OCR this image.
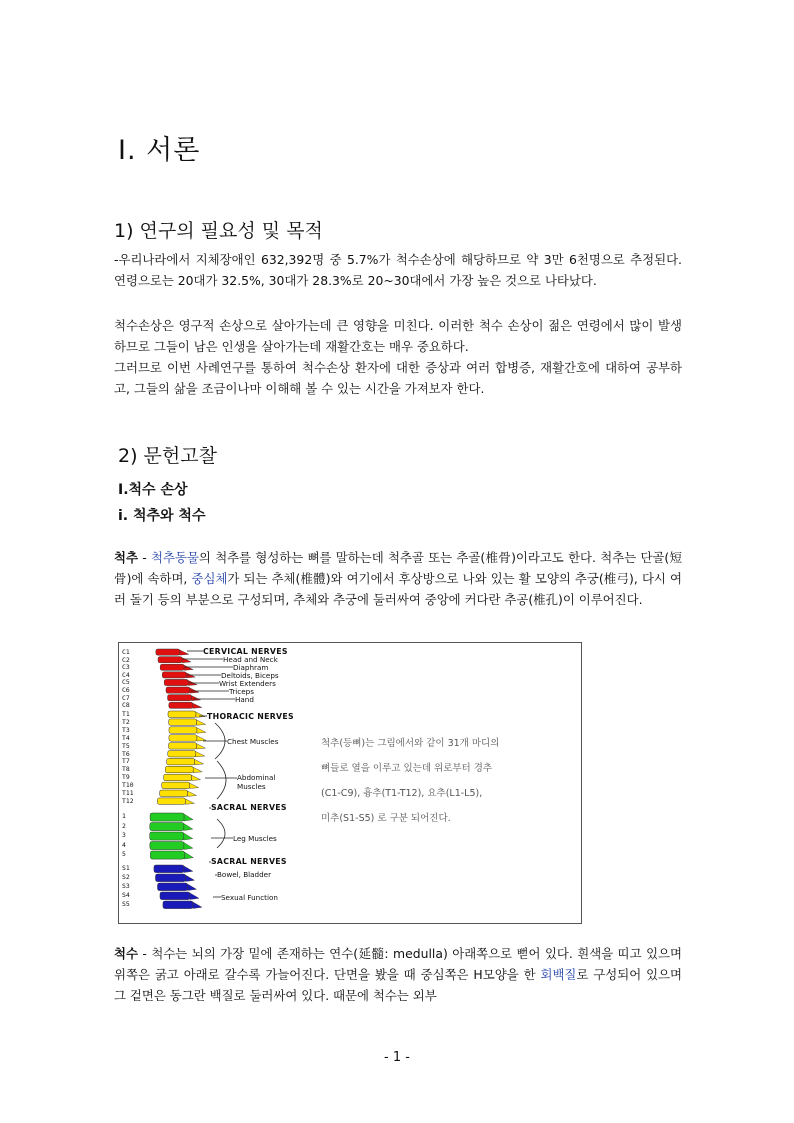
Ⅰ. 서론
1) 연구의 필요성 및 목적

-우리나라에서 지체장애인 632,392명 중 5.7%가 척수손상에 해당하므로 약 3만 6천명으로 추정된다. 연령으로는 20대가 32.5%, 30대가 28.3%로 20~30대에서 가장 높은 것으로 나타났다.

척수손상은 영구적 손상으로 살아가는데 큰 영향을 미친다. 이러한 척수 손상이 젊은 연령에서 많이 발생하므로 그들이 남은 인생을 살아가는데 재활간호는 매우 중요하다.

그러므로 이번 사례연구를 통하여 척수손상 환자에 대한 증상과 여러 합병증, 재활간호에 대하여 공부하고, 그들의 삶을 조금이나마 이해해 볼 수 있는 시간을 가져보자 한다.

2) 문헌고찰
Ⅰ.척수 손상
ⅰ. 척추와 척수

척추 - 척추동물의 척추를 형성하는 뼈를 말하는데 척추골 또는 추골(椎骨)이라고도 한다. 척추는 단골(短骨)에 속하며, 중심체가 되는 추체(椎體)와 여기에서 후상방으로 나와 있는 활 모양의 추궁(椎弓), 다시 여러 돌기 등의 부분으로 구성되며, 추체와 추궁에 둘러싸여 중앙에 커다란 추공(椎孔)이 이루어진다.

CERVICAL NERVES
THORACIC NERVES
SACRAL NERVES
SACRAL NERVES
Head and Neck
Diaphram
Deltoids, Biceps
Wrist Extenders
Triceps
Hand
Chest Muscles
Abdominal
Muscles
Leg Muscles
Bowel, Bladder
Sexual Function
C1
C2
C3
C4
C5
C6
C7
C8
T1
T2
T3
T4
T5
T6
T7
T8
T9
T10
T11
T12
1
2
3
4
5
S1
S2
S3
S4
S5
척추(등뼈)는 그림에서와 같이 31개 마디의
뼈들로 열을 이루고 있는데 위로부터 경추
(C1-C9), 흉추(T1-T12), 요추(L1-L5),
미추(S1-S5) 로 구분 되어진다.

척수 - 척수는 뇌의 가장 밑에 존재하는 연수(延髓: medulla) 아래쪽으로 뻗어 있다. 흰색을 띠고 있으며 위쪽은 굵고 아래로 갈수록 가늘어진다. 단면을 봤을 때 중심쪽은 H모양을 한 회백질로 구성되어 있으며 그 겉면은 동그란 백질로 둘러싸여 있다. 때문에 척수는 외부

- 1 -
